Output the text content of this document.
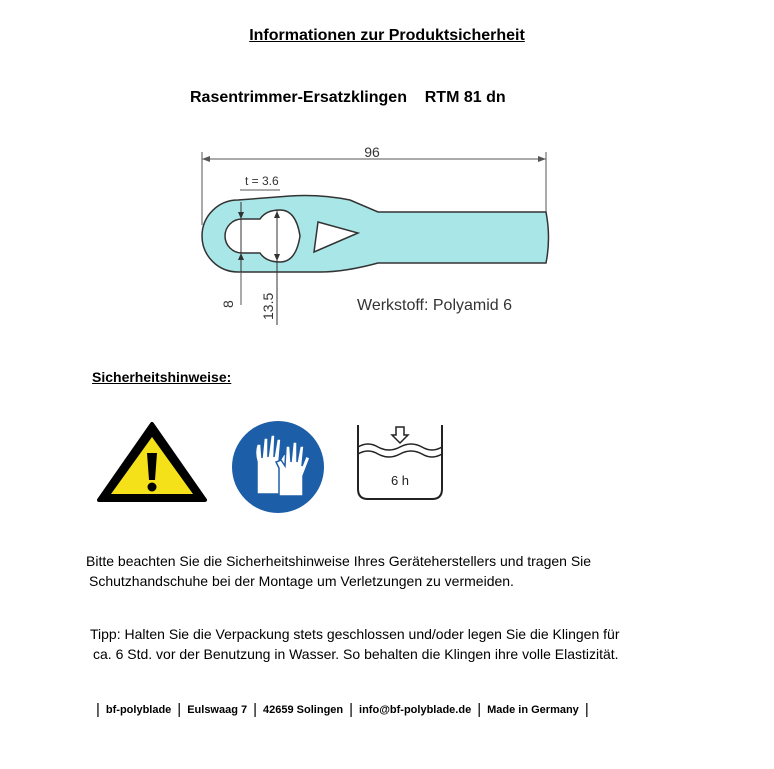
Informationen zur Produktsicherheit
Rasentrimmer-Ersatzklingen RTM 81 dn
96
t = 3.6
8 13.5	Werkstoff: Polyamid 6
Sicherheitshinweise:
6 h
Bitte beachten Sie die Sicherheitshinweise Ihres Geräteherstellers und tragen Sie
Schutzhandschuhe bei der Montage um Verletzungen zu vermeiden.
Tipp: Halten Sie die Verpackung stets geschlossen und/oder legen Sie die Klingen für
ca. 6 Std. vor der Benutzung in Wasser. So behalten die Klingen ihre volle Elastizität.
| bf-polyblade | Eulswaag 7 | 42659 Solingen | info@bf-polyblade.de | Made in Germany |
